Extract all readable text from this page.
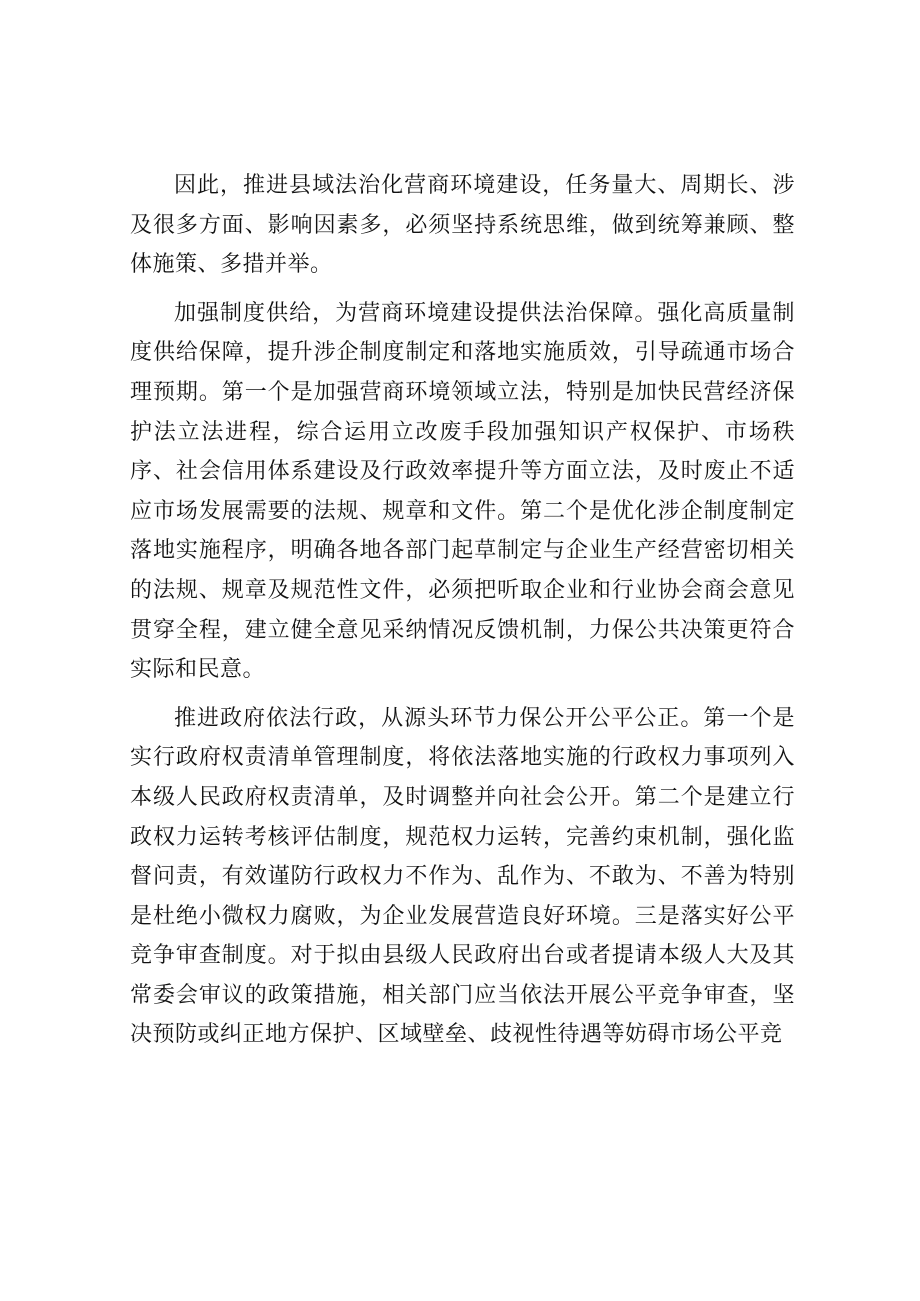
因此，推进县域法治化营商环境建设，任务量大、周期长、涉及很多方面、影响因素多，必须坚持系统思维，做到统筹兼顾、整体施策、多措并举。

加强制度供给，为营商环境建设提供法治保障。强化高质量制度供给保障，提升涉企制度制定和落地实施质效，引导疏通市场合理预期。第一个是加强营商环境领域立法，特别是加快民营经济保护法立法进程，综合运用立改废手段加强知识产权保护、市场秩序、社会信用体系建设及行政效率提升等方面立法，及时废止不适应市场发展需要的法规、规章和文件。第二个是优化涉企制度制定落地实施程序，明确各地各部门起草制定与企业生产经营密切相关的法规、规章及规范性文件，必须把听取企业和行业协会商会意见贯穿全程，建立健全意见采纳情况反馈机制，力保公共决策更符合实际和民意。

推进政府依法行政，从源头环节力保公开公平公正。第一个是实行政府权责清单管理制度，将依法落地实施的行政权力事项列入本级人民政府权责清单，及时调整并向社会公开。第二个是建立行政权力运转考核评估制度，规范权力运转，完善约束机制，强化监督问责，有效谨防行政权力不作为、乱作为、不敢为、不善为特别是杜绝小微权力腐败，为企业发展营造良好环境。三是落实好公平竞争审查制度。对于拟由县级人民政府出台或者提请本级人大及其常委会审议的政策措施，相关部门应当依法开展公平竞争审查，坚决预防或纠正地方保护、区域壁垒、歧视性待遇等妨碍市场公平竞
